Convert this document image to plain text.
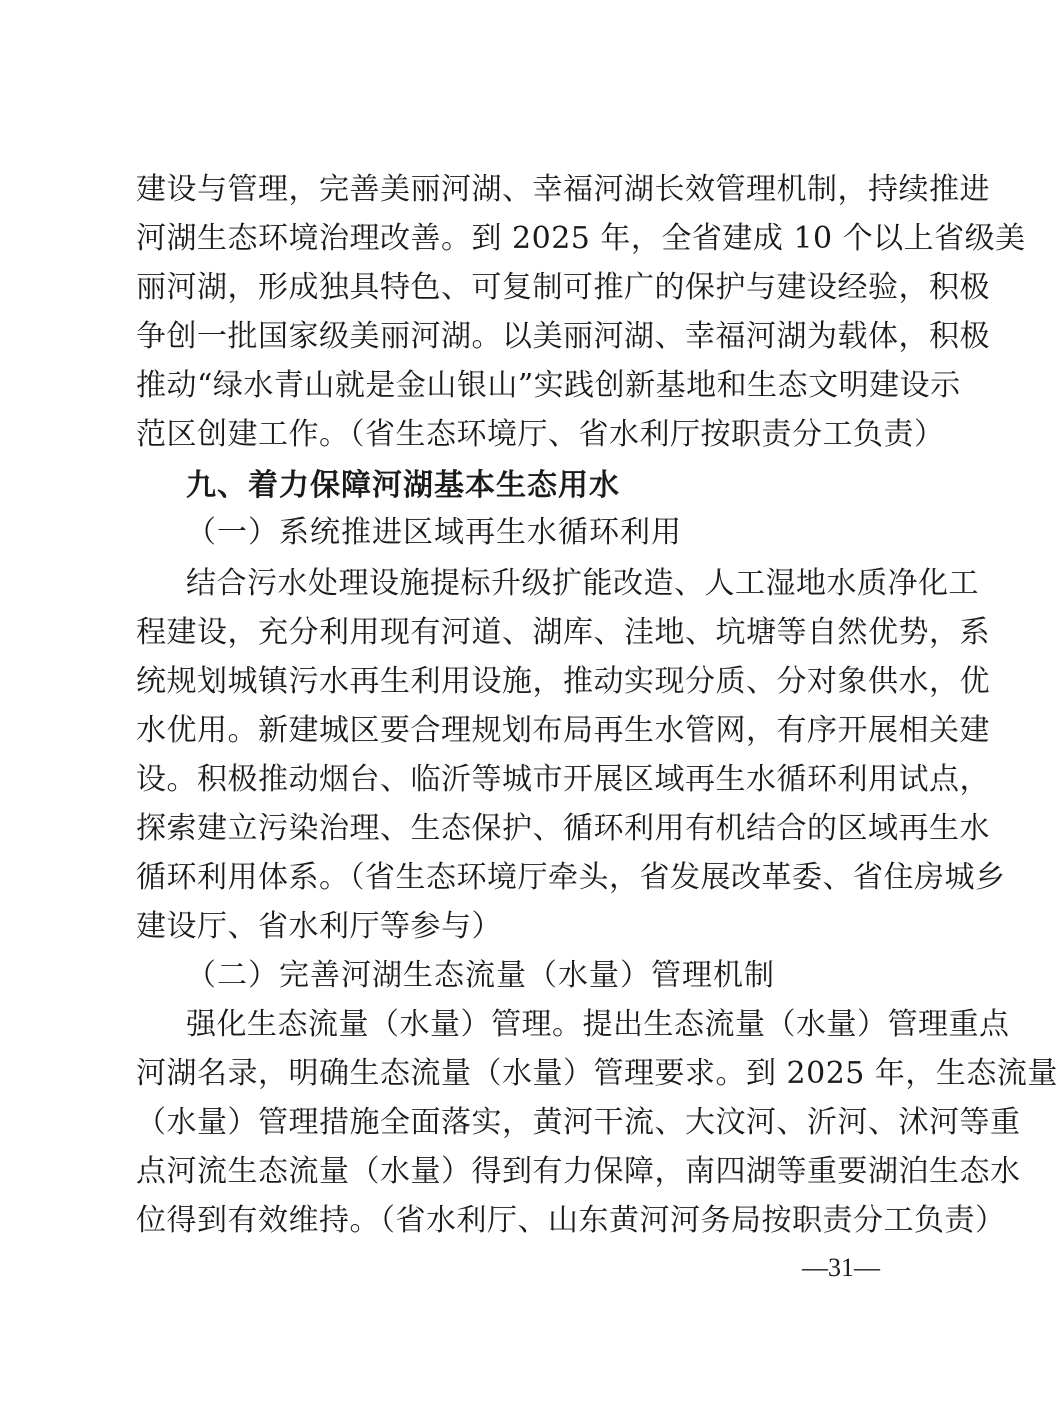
建设与管理，完善美丽河湖、幸福河湖长效管理机制，持续推进
河湖生态环境治理改善。到 2025 年，全省建成 10 个以上省级美
丽河湖，形成独具特色、可复制可推广的保护与建设经验，积极
争创一批国家级美丽河湖。以美丽河湖、幸福河湖为载体，积极
推动“绿水青山就是金山银山”实践创新基地和生态文明建设示
范区创建工作。（省生态环境厅、省水利厅按职责分工负责）
九、着力保障河湖基本生态用水
（一）系统推进区域再生水循环利用
结合污水处理设施提标升级扩能改造、人工湿地水质净化工
程建设，充分利用现有河道、湖库、洼地、坑塘等自然优势，系
统规划城镇污水再生利用设施，推动实现分质、分对象供水，优
水优用。新建城区要合理规划布局再生水管网，有序开展相关建
设。积极推动烟台、临沂等城市开展区域再生水循环利用试点，
探索建立污染治理、生态保护、循环利用有机结合的区域再生水
循环利用体系。（省生态环境厅牵头，省发展改革委、省住房城乡
建设厅、省水利厅等参与）
（二）完善河湖生态流量（水量）管理机制
强化生态流量（水量）管理。提出生态流量（水量）管理重点
河湖名录，明确生态流量（水量）管理要求。到 2025 年，生态流量
（水量）管理措施全面落实，黄河干流、大汶河、沂河、沭河等重
点河流生态流量（水量）得到有力保障，南四湖等重要湖泊生态水
位得到有效维持。（省水利厅、山东黄河河务局按职责分工负责）
—31—
